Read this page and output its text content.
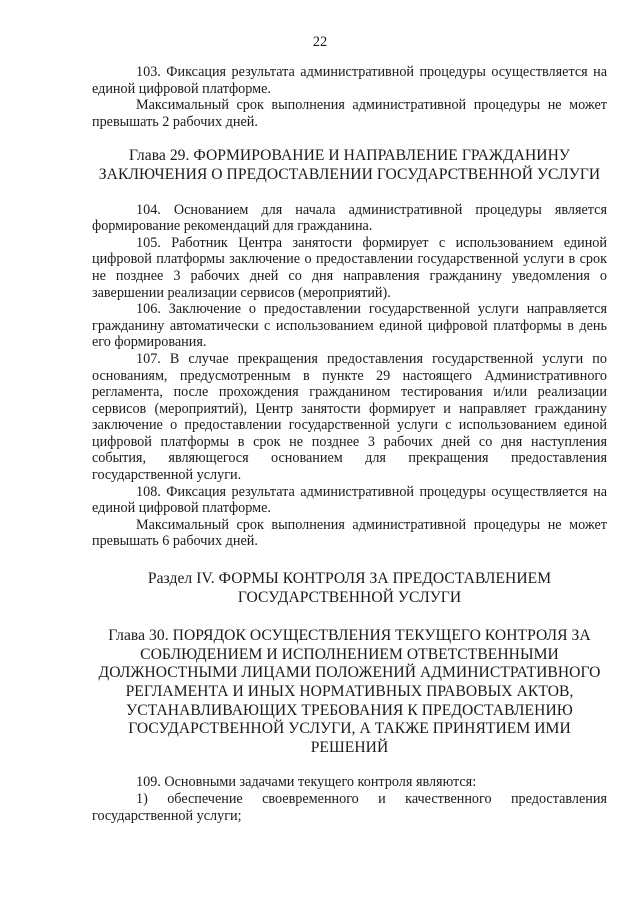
22

103. Фиксация результата административной процедуры осуществляется на единой цифровой платформе.

Максимальный срок выполнения административной процедуры не может превышать 2 рабочих дней.

Глава 29. ФОРМИРОВАНИЕ И НАПРАВЛЕНИЕ ГРАЖДАНИНУ ЗАКЛЮЧЕНИЯ О ПРЕДОСТАВЛЕНИИ ГОСУДАРСТВЕННОЙ УСЛУГИ

104. Основанием для начала административной процедуры является формирование рекомендаций для гражданина.

105. Работник Центра занятости формирует с использованием единой цифровой платформы заключение о предоставлении государственной услуги в срок не позднее 3 рабочих дней со дня направления гражданину уведомления о завершении реализации сервисов (мероприятий).

106. Заключение о предоставлении государственной услуги направляется гражданину автоматически с использованием единой цифровой платформы в день его формирования.

107. В случае прекращения предоставления государственной услуги по основаниям, предусмотренным в пункте 29 настоящего Административного регламента, после прохождения гражданином тестирования и/или реализации сервисов (мероприятий), Центр занятости формирует и направляет гражданину заключение о предоставлении государственной услуги с использованием единой цифровой платформы в срок не позднее 3 рабочих дней со дня наступления события, являющегося основанием для прекращения предоставления государственной услуги.

108. Фиксация результата административной процедуры осуществляется на единой цифровой платформе.

Максимальный срок выполнения административной процедуры не может превышать 6 рабочих дней.

Раздел IV. ФОРМЫ КОНТРОЛЯ ЗА ПРЕДОСТАВЛЕНИЕМ ГОСУДАРСТВЕННОЙ УСЛУГИ

Глава 30. ПОРЯДОК ОСУЩЕСТВЛЕНИЯ ТЕКУЩЕГО КОНТРОЛЯ ЗА СОБЛЮДЕНИЕМ И ИСПОЛНЕНИЕМ ОТВЕТСТВЕННЫМИ ДОЛЖНОСТНЫМИ ЛИЦАМИ ПОЛОЖЕНИЙ АДМИНИСТРАТИВНОГО РЕГЛАМЕНТА И ИНЫХ НОРМАТИВНЫХ ПРАВОВЫХ АКТОВ, УСТАНАВЛИВАЮЩИХ ТРЕБОВАНИЯ К ПРЕДОСТАВЛЕНИЮ ГОСУДАРСТВЕННОЙ УСЛУГИ, А ТАКЖЕ ПРИНЯТИЕМ ИМИ РЕШЕНИЙ

109. Основными задачами текущего контроля являются:

1) обеспечение своевременного и качественного предоставления государственной услуги;
